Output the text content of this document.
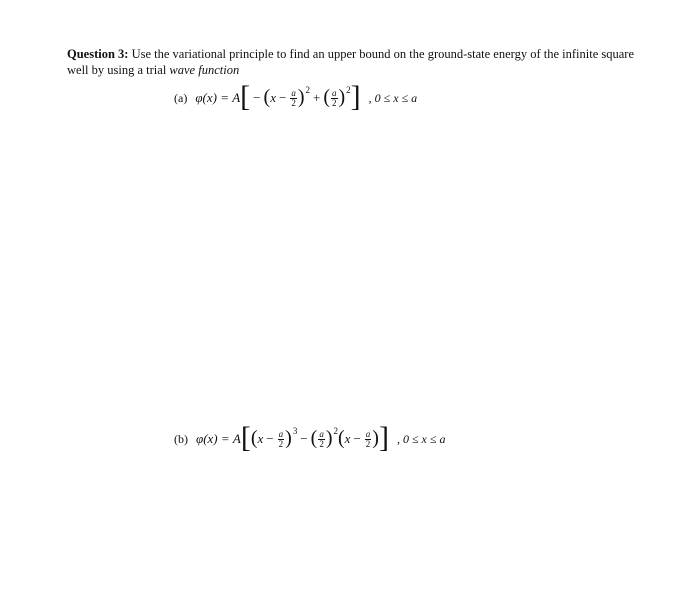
Question 3: Use the variational principle to find an upper bound on the ground-state energy of the infinite square well by using a trial wave function
(a) φ(x) = A [ − ( $x - \frac{a}{2} )^2$ + ( $\frac{a}{2} )^2$ ] , 0 ≤ x ≤ a
(b) φ(x) = A [ ( $x - \frac{a}{2} )^3$ − ( $\frac{a}{2} )^2$ ( $x - \frac{a}{2}$ ) ] , 0 ≤ x ≤ a
